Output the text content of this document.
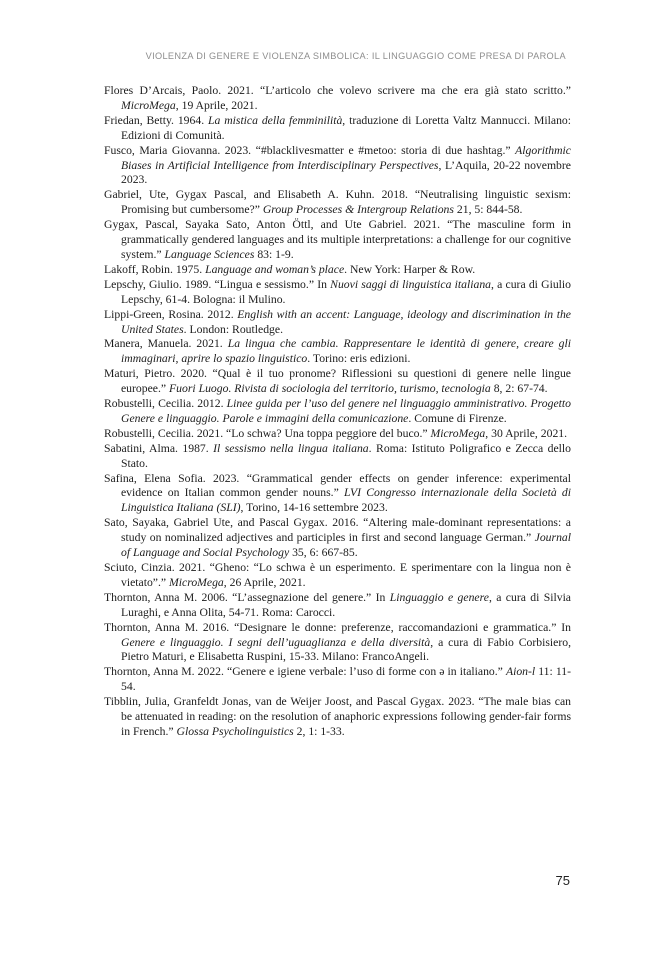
VIOLENZA DI GENERE E VIOLENZA SIMBOLICA: IL LINGUAGGIO COME PRESA DI PAROLA

Flores D’Arcais, Paolo. 2021. “L’articolo che volevo scrivere ma che era già stato scritto.” MicroMega, 19 Aprile, 2021.

Friedan, Betty. 1964. La mistica della femminilità, traduzione di Loretta Valtz Mannucci. Milano: Edizioni di Comunità.

Fusco, Maria Giovanna. 2023. “#blacklivesmatter e #metoo: storia di due hashtag.” Algorithmic Biases in Artificial Intelligence from Interdisciplinary Perspectives, L’Aquila, 20-22 novembre 2023.

Gabriel, Ute, Gygax Pascal, and Elisabeth A. Kuhn. 2018. “Neutralising linguistic sexism: Promising but cumbersome?” Group Processes & Intergroup Relations 21, 5: 844-58.

Gygax, Pascal, Sayaka Sato, Anton Öttl, and Ute Gabriel. 2021. “The masculine form in grammatically gendered languages and its multiple interpretations: a challenge for our cognitive system.” Language Sciences 83: 1-9.

Lakoff, Robin. 1975. Language and woman’s place. New York: Harper & Row.

Lepschy, Giulio. 1989. “Lingua e sessismo.” In Nuovi saggi di linguistica italiana, a cura di Giulio Lepschy, 61-4. Bologna: il Mulino.

Lippi-Green, Rosina. 2012. English with an accent: Language, ideology and discrimination in the United States. London: Routledge.

Manera, Manuela. 2021. La lingua che cambia. Rappresentare le identità di genere, creare gli immaginari, aprire lo spazio linguistico. Torino: eris edizioni.

Maturi, Pietro. 2020. “Qual è il tuo pronome? Riflessioni su questioni di genere nelle lingue europee.” Fuori Luogo. Rivista di sociologia del territorio, turismo, tecnologia 8, 2: 67-74.

Robustelli, Cecilia. 2012. Linee guida per l’uso del genere nel linguaggio amministrativo. Progetto Genere e linguaggio. Parole e immagini della comunicazione. Comune di Firenze.

Robustelli, Cecilia. 2021. “Lo schwa? Una toppa peggiore del buco.” MicroMega, 30 Aprile, 2021.

Sabatini, Alma. 1987. Il sessismo nella lingua italiana. Roma: Istituto Poligrafico e Zecca dello Stato.

Safina, Elena Sofia. 2023. “Grammatical gender effects on gender inference: experimental evidence on Italian common gender nouns.” LVI Congresso internazionale della Società di Linguistica Italiana (SLI), Torino, 14-16 settembre 2023.

Sato, Sayaka, Gabriel Ute, and Pascal Gygax. 2016. “Altering male-dominant representations: a study on nominalized adjectives and participles in first and second language German.” Journal of Language and Social Psychology 35, 6: 667-85.

Sciuto, Cinzia. 2021. “Gheno: “Lo schwa è un esperimento. E sperimentare con la lingua non è vietato”.” MicroMega, 26 Aprile, 2021.

Thornton, Anna M. 2006. “L’assegnazione del genere.” In Linguaggio e genere, a cura di Silvia Luraghi, e Anna Olita, 54-71. Roma: Carocci.

Thornton, Anna M. 2016. “Designare le donne: preferenze, raccomandazioni e grammatica.” In Genere e linguaggio. I segni dell’uguaglianza e della diversità, a cura di Fabio Corbisiero, Pietro Maturi, e Elisabetta Ruspini, 15-33. Milano: FrancoAngeli.

Thornton, Anna M. 2022. “Genere e igiene verbale: l’uso di forme con ə in italiano.” Aion-l 11: 11-54.

Tibblin, Julia, Granfeldt Jonas, van de Weijer Joost, and Pascal Gygax. 2023. “The male bias can be attenuated in reading: on the resolution of anaphoric expressions following gender-fair forms in French.” Glossa Psycholinguistics 2, 1: 1-33.

75
